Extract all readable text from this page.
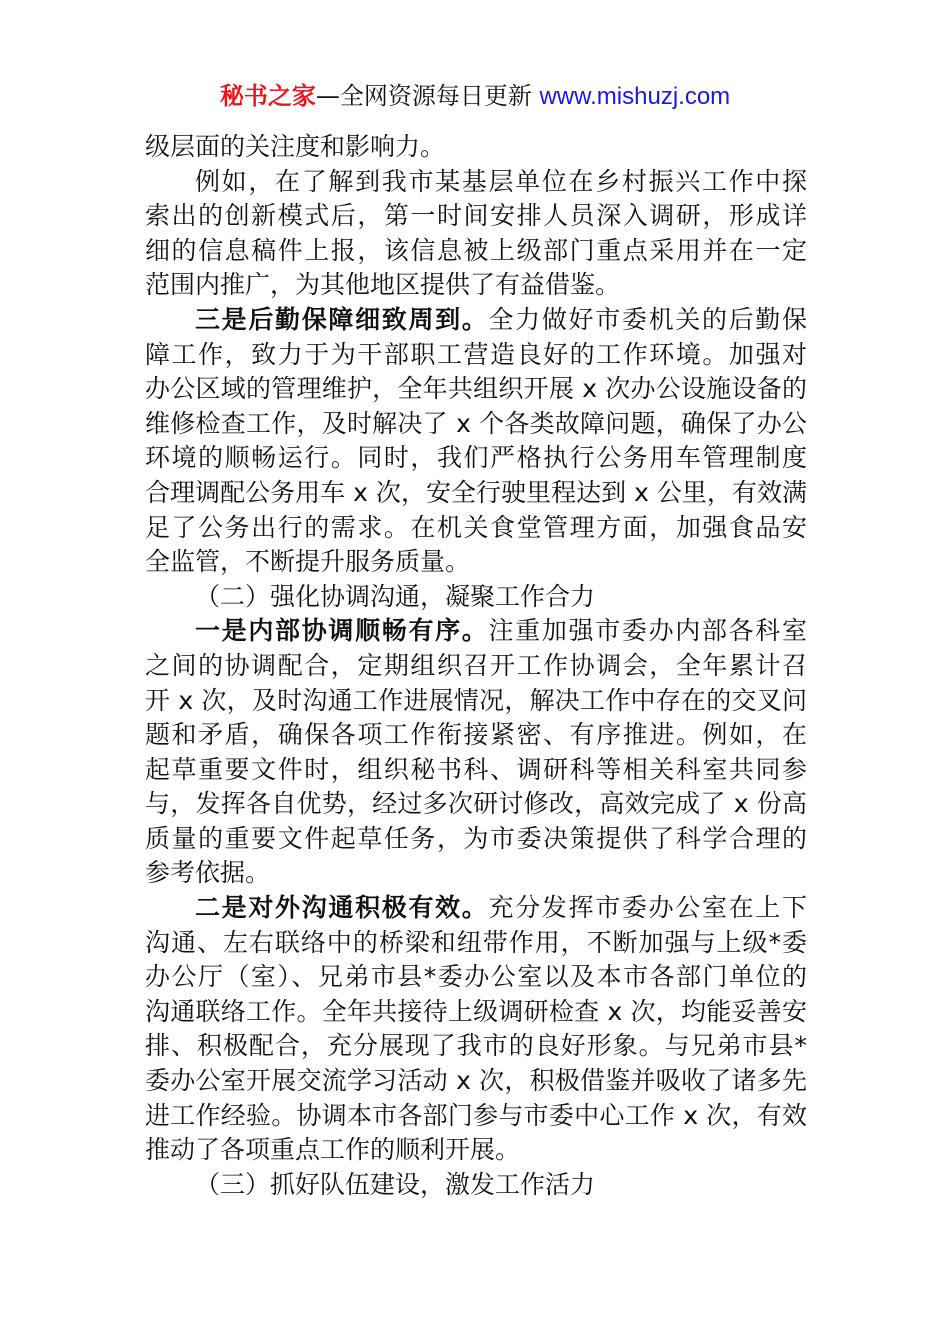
秘书之家—全网资源每日更新 www.mishuzj.com
级层面的关注度和影响力。
例如，在了解到我市某基层单位在乡村振兴工作中探
索出的创新模式后，第一时间安排人员深入调研，形成详
细的信息稿件上报，该信息被上级部门重点采用并在一定
范围内推广，为其他地区提供了有益借鉴。
三是后勤保障细致周到。全力做好市委机关的后勤保
障工作，致力于为干部职工营造良好的工作环境。加强对
办公区域的管理维护，全年共组织开展 x 次办公设施设备的
维修检查工作，及时解决了 x 个各类故障问题，确保了办公
环境的顺畅运行。同时，我们严格执行公务用车管理制度
合理调配公务用车 x 次，安全行驶里程达到 x 公里，有效满
足了公务出行的需求。在机关食堂管理方面，加强食品安
全监管，不断提升服务质量。
（二）强化协调沟通，凝聚工作合力
一是内部协调顺畅有序。注重加强市委办内部各科室
之间的协调配合，定期组织召开工作协调会，全年累计召
开 x 次，及时沟通工作进展情况，解决工作中存在的交叉问
题和矛盾，确保各项工作衔接紧密、有序推进。例如，在
起草重要文件时，组织秘书科、调研科等相关科室共同参
与，发挥各自优势，经过多次研讨修改，高效完成了 x 份高
质量的重要文件起草任务，为市委决策提供了科学合理的
参考依据。
二是对外沟通积极有效。充分发挥市委办公室在上下
沟通、左右联络中的桥梁和纽带作用，不断加强与上级*委
办公厅（室）、兄弟市县*委办公室以及本市各部门单位的
沟通联络工作。全年共接待上级调研检查 x 次，均能妥善安
排、积极配合，充分展现了我市的良好形象。与兄弟市县*
委办公室开展交流学习活动 x 次，积极借鉴并吸收了诸多先
进工作经验。协调本市各部门参与市委中心工作 x 次，有效
推动了各项重点工作的顺利开展。
（三）抓好队伍建设，激发工作活力
